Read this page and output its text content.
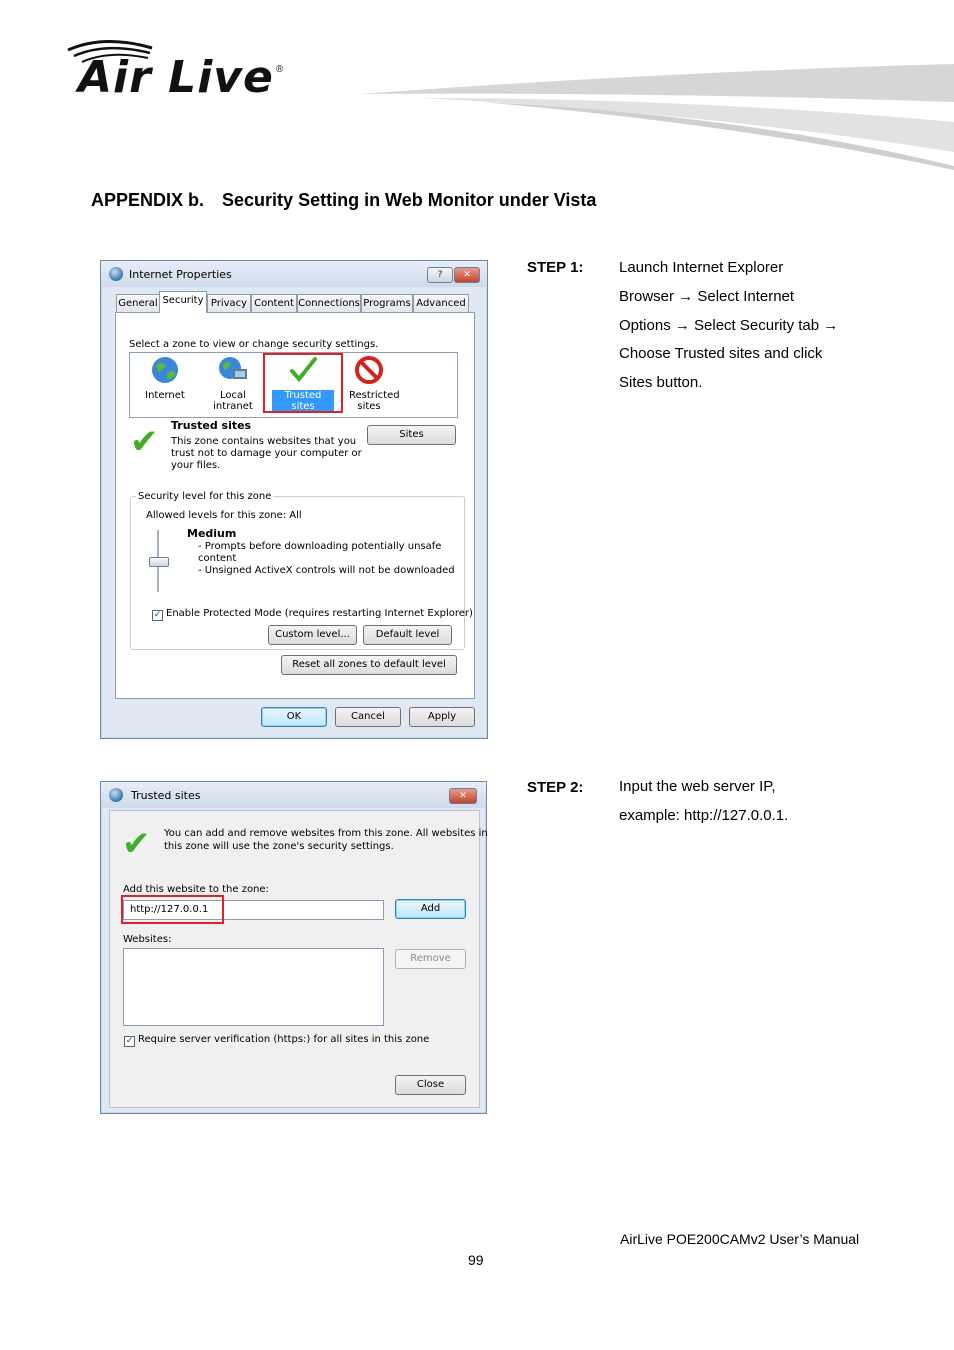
Air Live ®
APPENDIX b. Security Setting in Web Monitor under Vista
Internet Properties	?	✕
General Security Privacy Content Connections Programs Advanced
Select a zone to view or change security settings.
Internet	Local intranet
Trusted sites
Restricted sites
✔ Trusted sites
This zone contains websites that you
trust not to damage your computer or
your files.
Sites
Security level for this zone
Allowed levels for this zone: All
Medium
- Prompts before downloading potentially unsafe
content
- Unsigned ActiveX controls will not be downloaded
✓ Enable Protected Mode (requires restarting Internet Explorer)
Custom level...	Default level
Reset all zones to default level
OK	Cancel	Apply
STEP 1: Launch Internet Explorer
Browser → Select Internet
Options → Select Security tab →
Choose Trusted sites and click
Sites button.
Trusted sites	✕
✔ You can add and remove websites from this zone. All websites in
this zone will use the zone's security settings.
Add this website to the zone:
http://127.0.0.1	Add
Websites:
Remove
✓ Require server verification (https:) for all sites in this zone
Close
STEP 2: Input the web server IP,
example: http://127.0.0.1.
AirLive POE200CAMv2 User’s Manual
99
